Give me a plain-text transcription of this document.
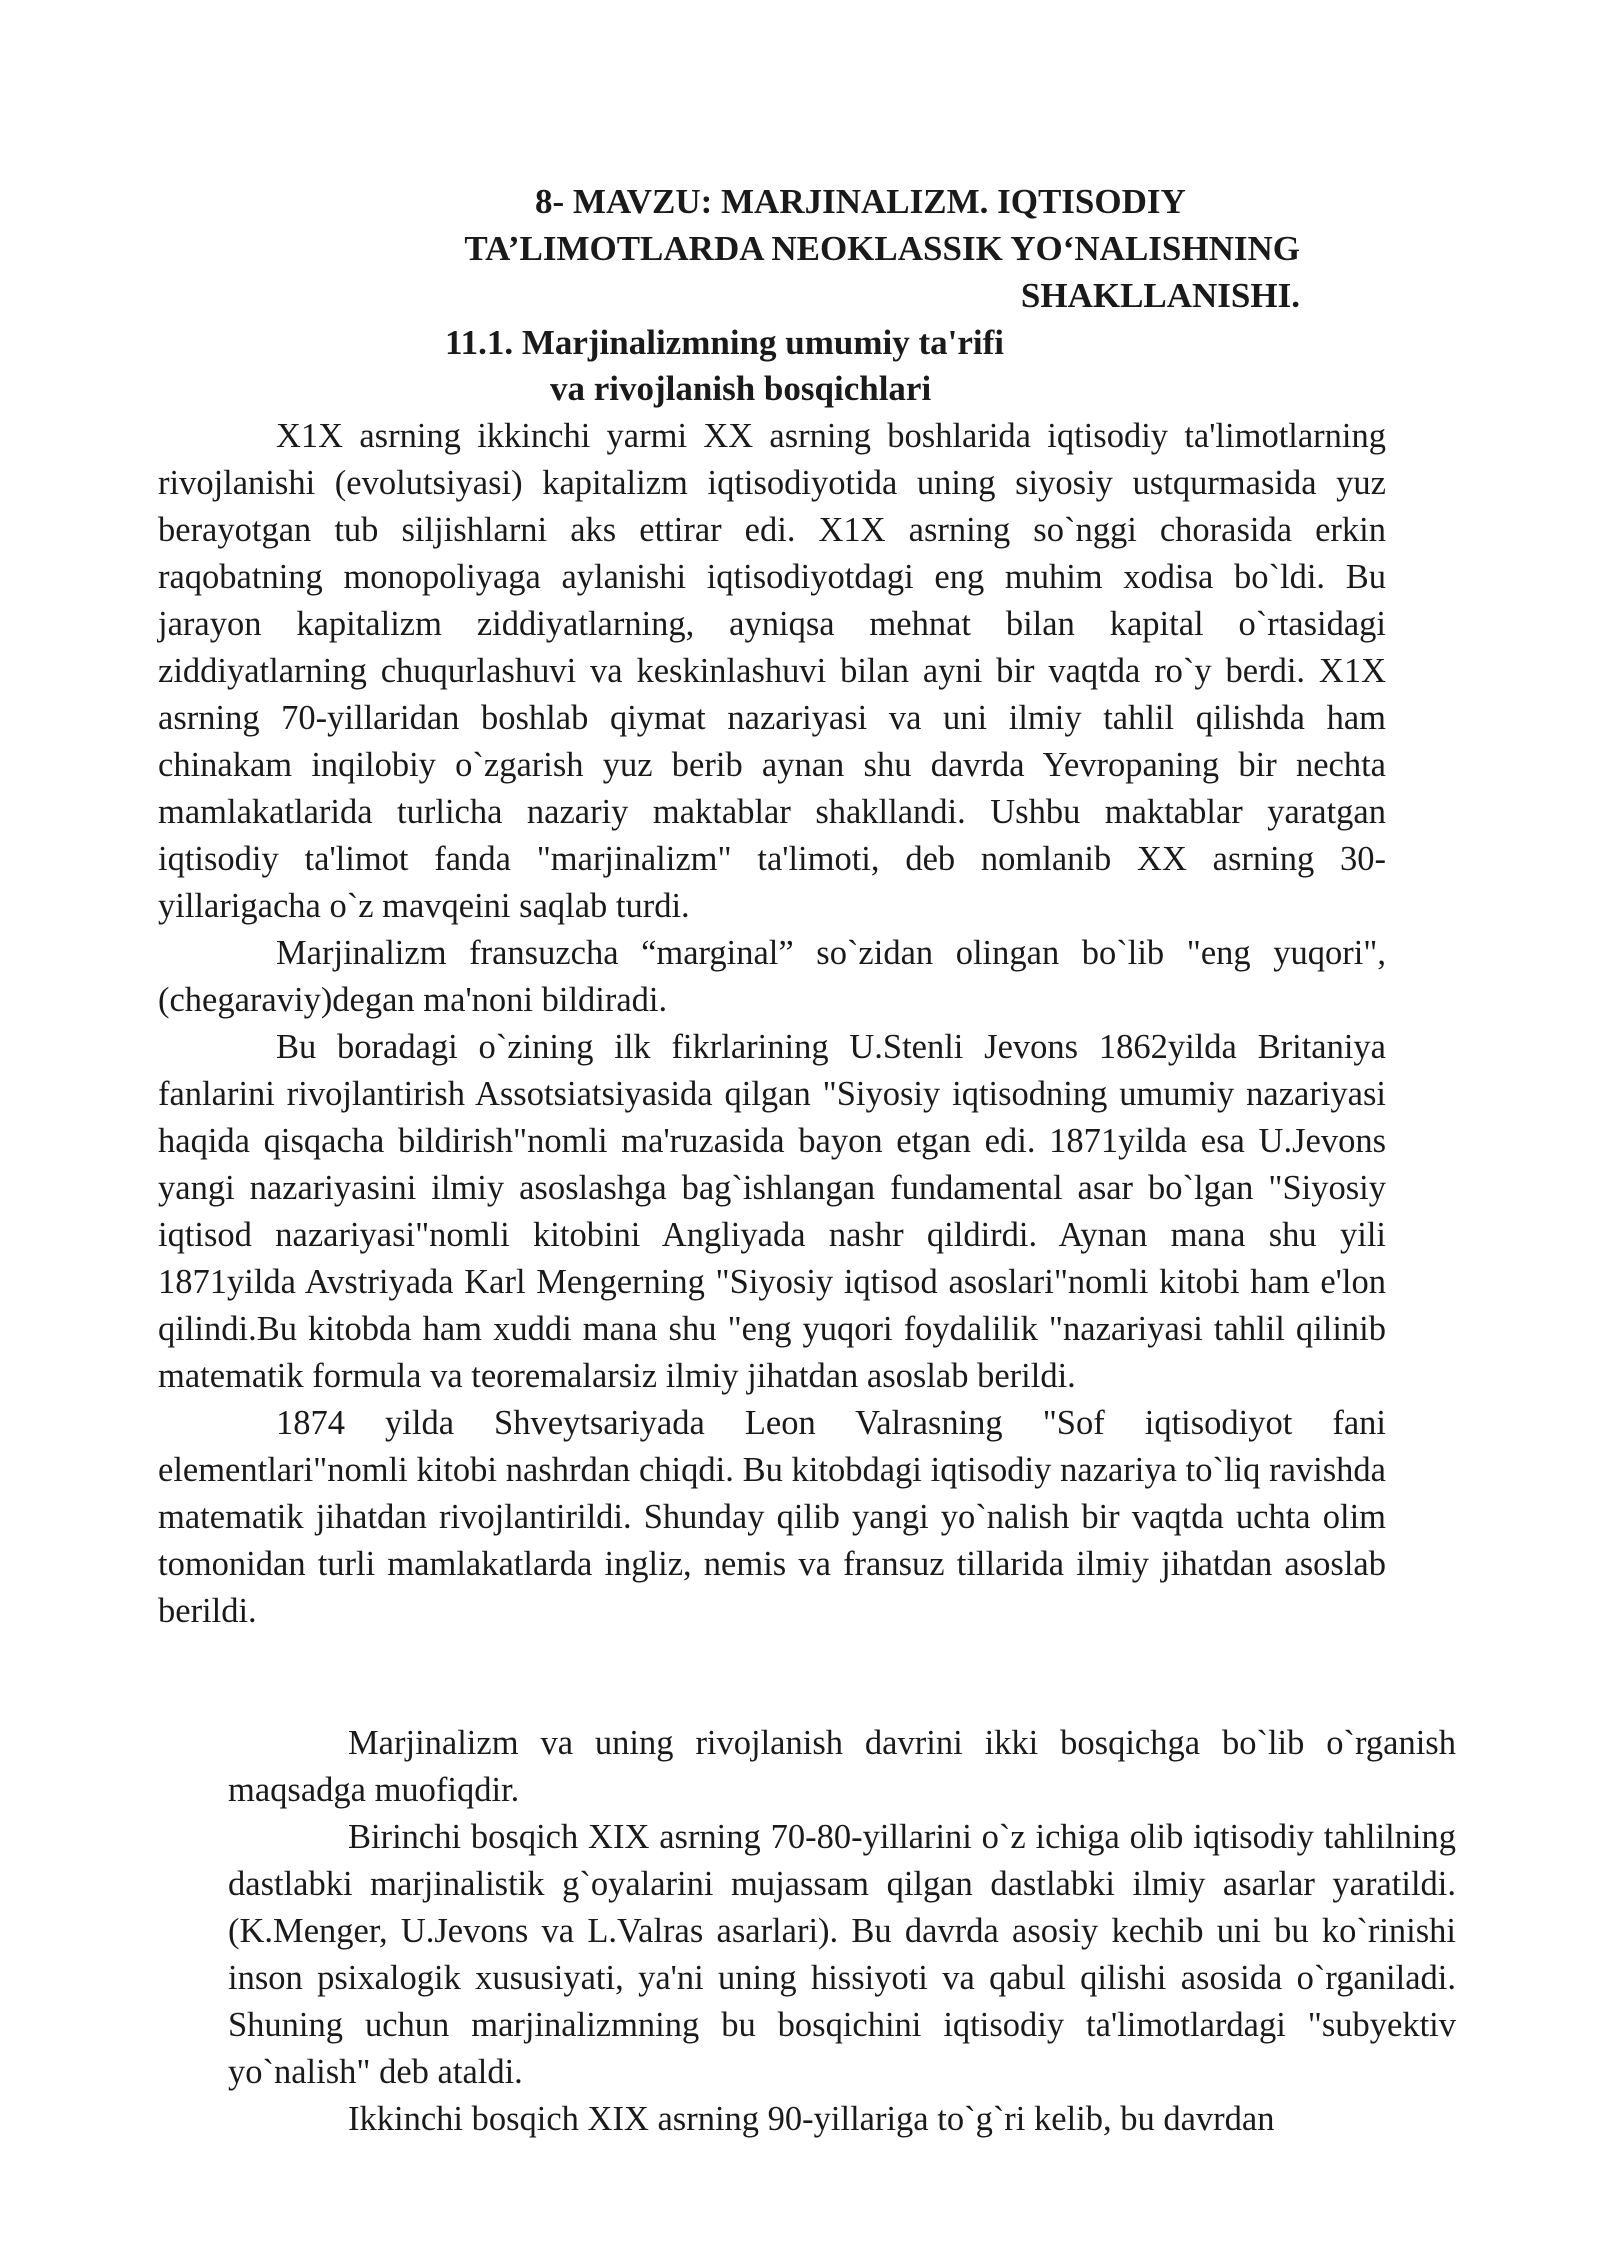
8- MAVZU: MARJINALIZM. IQTISODIY
TA’LIMOTLARDA NEOKLASSIK YO‘NALISHNING
SHAKLLANISHI.
11.1. Marjinalizmning umumiy ta'rifi
va rivojlanish bosqichlari

X1X asrning ikkinchi yarmi XX asrning boshlarida iqtisodiy ta'limotlarning rivojlanishi (evolutsiyasi) kapitalizm iqtisodiyotida uning siyosiy ustqurmasida yuz berayotgan tub siljishlarni aks ettirar edi. X1X asrning so`nggi chorasida erkin raqobatning monopoliyaga aylanishi iqtisodiyotdagi eng muhim xodisa bo`ldi. Bu jarayon kapitalizm ziddiyatlarning, ayniqsa mehnat bilan kapital o`rtasidagi ziddiyatlarning chuqurlashuvi va keskinlashuvi bilan ayni bir vaqtda ro`y berdi. X1X asrning 70-yillaridan boshlab qiymat nazariyasi va uni ilmiy tahlil qilishda ham chinakam inqilobiy o`zgarish yuz berib aynan shu davrda Yevropaning bir nechta mamlakatlarida turlicha nazariy maktablar shakllandi. Ushbu maktablar yaratgan iqtisodiy ta'limot fanda "marjinalizm" ta'limoti, deb nomlanib XX asrning 30-yillarigacha o`z mavqeini saqlab turdi.

Marjinalizm fransuzcha “marginal” so`zidan olingan bo`lib "eng yuqori", (chegaraviy)degan ma'noni bildiradi.

Bu boradagi o`zining ilk fikrlarining U.Stenli Jevons 1862yilda Britaniya fanlarini rivojlantirish Assotsiatsiyasida qilgan "Siyosiy iqtisodning umumiy nazariyasi haqida qisqacha bildirish"nomli ma'ruzasida bayon etgan edi. 1871yilda esa U.Jevons yangi nazariyasini ilmiy asoslashga bag`ishlangan fundamental asar bo`lgan "Siyosiy iqtisod nazariyasi"nomli kitobini Angliyada nashr qildirdi. Aynan mana shu yili 1871yilda Avstriyada Karl Mengerning "Siyosiy iqtisod asoslari"nomli kitobi ham e'lon qilindi.Bu kitobda ham xuddi mana shu "eng yuqori foydalilik "nazariyasi tahlil qilinib matematik formula va teoremalarsiz ilmiy jihatdan asoslab berildi.

1874 yilda Shveytsariyada Leon Valrasning "Sof iqtisodiyot fani elementlari"nomli kitobi nashrdan chiqdi. Bu kitobdagi iqtisodiy nazariya to`liq ravishda matematik jihatdan rivojlantirildi. Shunday qilib yangi yo`nalish bir vaqtda uchta olim tomonidan turli mamlakatlarda ingliz, nemis va fransuz tillarida ilmiy jihatdan asoslab berildi.

Marjinalizm va uning rivojlanish davrini ikki bosqichga bo`lib o`rganish maqsadga muofiqdir.

Birinchi bosqich XIX asrning 70-80-yillarini o`z ichiga olib iqtisodiy tahlilning dastlabki marjinalistik g`oyalarini mujassam qilgan dastlabki ilmiy asarlar yaratildi.(K.Menger, U.Jevons va L.Valras asarlari). Bu davrda asosiy kechib uni bu ko`rinishi inson psixalogik xususiyati, ya'ni uning hissiyoti va qabul qilishi asosida o`rganiladi. Shuning uchun marjinalizmning bu bosqichini iqtisodiy ta'limotlardagi "subyektiv yo`nalish" deb ataldi.

Ikkinchi bosqich XIX asrning 90-yillariga to`g`ri kelib, bu davrdan
